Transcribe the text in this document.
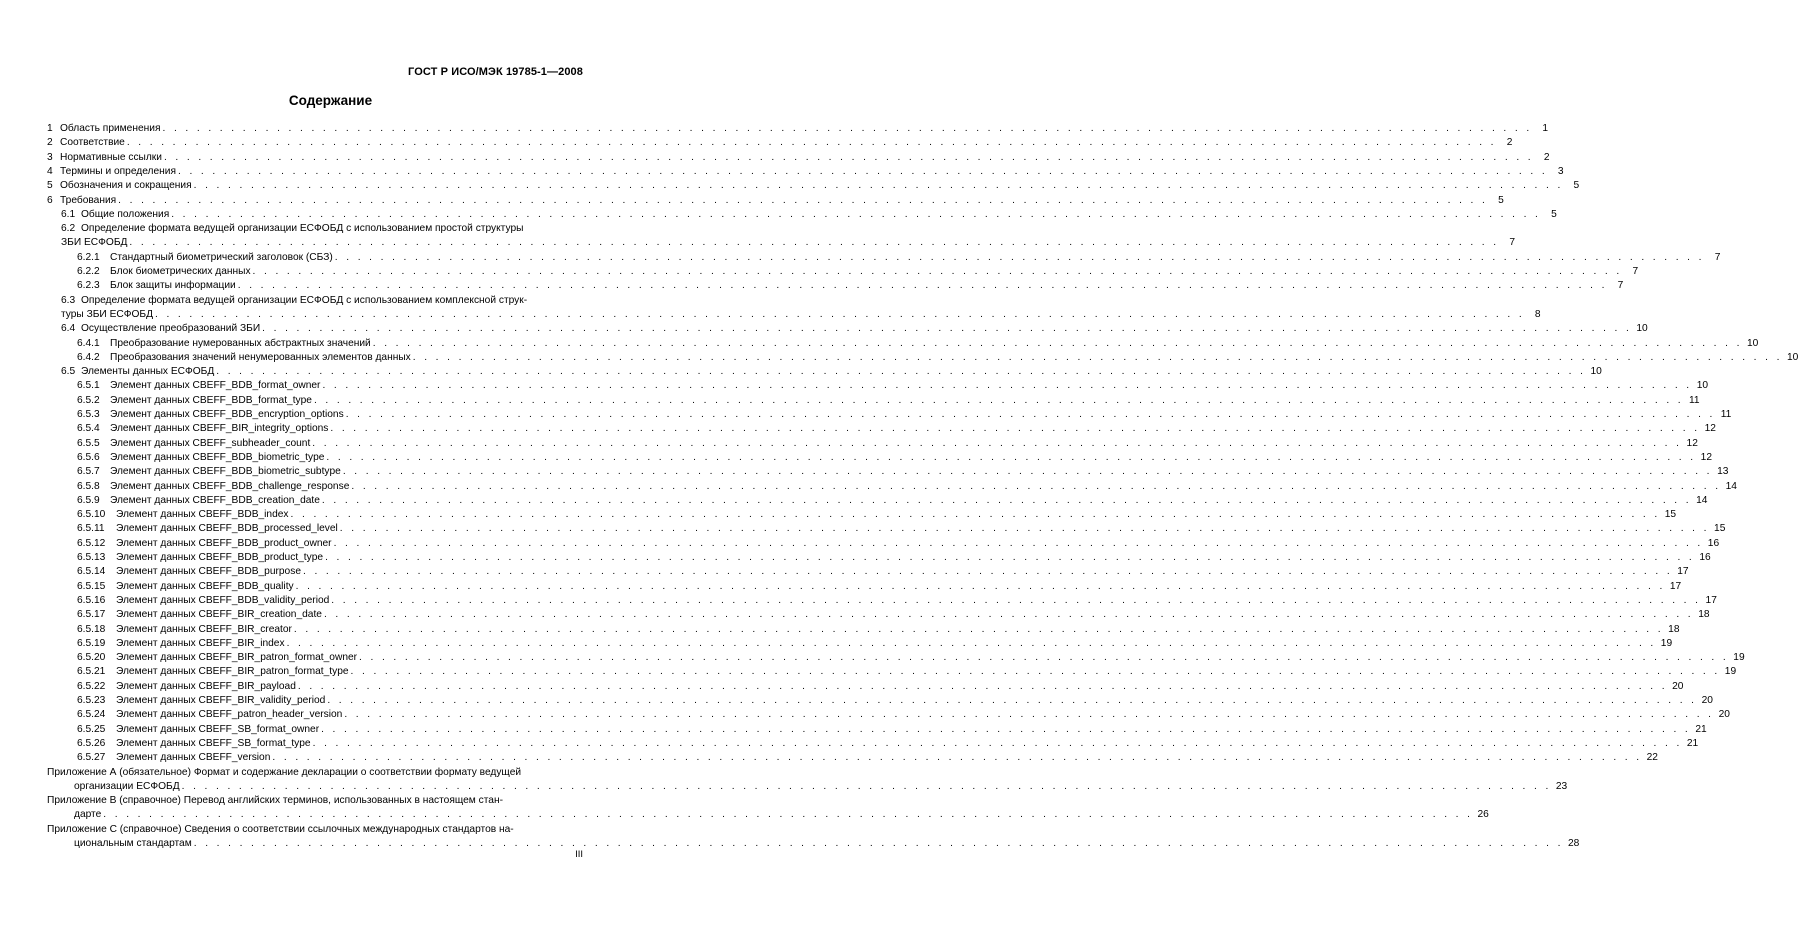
ГОСТ Р ИСО/МЭК 19785-1—2008
Содержание
1 Область применения . . . . . . . . . . . . . . . . . . . . . . . . . . . . . . . . . . . . . . . . . . . . . . . . . . . . . . . . . . . . . . . . . . . . . . . . . . . . . . . . . . . . . . . . . . . . . . . . . . . . . . . . . . . . . . . . . . . . . . . .	1
2 Соответствие . . . . . . . . . . . . . . . . . . . . . . . . . . . . . . . . . . . . . . . . . . . . . . . . . . . . . . . . . . . . . . . . . . . . . . . . . . . . . . . . . . . . . . . . . . . . . . . . . . . . . . . . . . . . . . . . . . . . . . . .	2
3 Нормативные ссылки . . . . . . . . . . . . . . . . . . . . . . . . . . . . . . . . . . . . . . . . . . . . . . . . . . . . . . . . . . . . . . . . . . . . . . . . . . . . . . . . . . . . . . . . . . . . . . . . . . . . . . . . . . . . . . . . . . . . . . . .	2
4 Термины и определения . . . . . . . . . . . . . . . . . . . . . . . . . . . . . . . . . . . . . . . . . . . . . . . . . . . . . . . . . . . . . . . . . . . . . . . . . . . . . . . . . . . . . . . . . . . . . . . . . . . . . . . . . . . . . . . . . . . . . . . .	3
5 Обозначения и сокращения . . . . . . . . . . . . . . . . . . . . . . . . . . . . . . . . . . . . . . . . . . . . . . . . . . . . . . . . . . . . . . . . . . . . . . . . . . . . . . . . . . . . . . . . . . . . . . . . . . . . . . . . . . . . . . . . . . . . . . . .	5
6 Требования . . . . . . . . . . . . . . . . . . . . . . . . . . . . . . . . . . . . . . . . . . . . . . . . . . . . . . . . . . . . . . . . . . . . . . . . . . . . . . . . . . . . . . . . . . . . . . . . . . . . . . . . . . . . . . . . . . . . . . . .	5
6.1 Общие положения . . . . . . . . . . . . . . . . . . . . . . . . . . . . . . . . . . . . . . . . . . . . . . . . . . . . . . . . . . . . . . . . . . . . . . . . . . . . . . . . . . . . . . . . . . . . . . . . . . . . . . . . . . . . . . . . . . . . . . . .	5
6.2 Определение формата ведущей организации ЕСФОБД с использованием простой структуры
ЗБИ ЕСФОБД . . . . . . . . . . . . . . . . . . . . . . . . . . . . . . . . . . . . . . . . . . . . . . . . . . . . . . . . . . . . . . . . . . . . . . . . . . . . . . . . . . . . . . . . . . . . . . . . . . . . . . . . . . . . . . . . . . . . . . . .	7
6.2.1 Стандартный биометрический заголовок (СБЗ) . . . . . . . . . . . . . . . . . . . . . . . . . . . . . . . . . . . . . . . . . . . . . . . . . . . . . . . . . . . . . . . . . . . . . . . . . . . . . . . . . . . . . . . . . . . . . . . . . . . . . . . . . . . . . . . . . . . . . . . .	7
6.2.2 Блок биометрических данных . . . . . . . . . . . . . . . . . . . . . . . . . . . . . . . . . . . . . . . . . . . . . . . . . . . . . . . . . . . . . . . . . . . . . . . . . . . . . . . . . . . . . . . . . . . . . . . . . . . . . . . . . . . . . . . . . . . . . . . .	7
6.2.3 Блок защиты информации . . . . . . . . . . . . . . . . . . . . . . . . . . . . . . . . . . . . . . . . . . . . . . . . . . . . . . . . . . . . . . . . . . . . . . . . . . . . . . . . . . . . . . . . . . . . . . . . . . . . . . . . . . . . . . . . . . . . . . . .	7
6.3 Определение формата ведущей организации ЕСФОБД с использованием комплексной струк-
туры ЗБИ ЕСФОБД . . . . . . . . . . . . . . . . . . . . . . . . . . . . . . . . . . . . . . . . . . . . . . . . . . . . . . . . . . . . . . . . . . . . . . . . . . . . . . . . . . . . . . . . . . . . . . . . . . . . . . . . . . . . . . . . . . . . . . . .	8
6.4 Осуществление преобразований ЗБИ . . . . . . . . . . . . . . . . . . . . . . . . . . . . . . . . . . . . . . . . . . . . . . . . . . . . . . . . . . . . . . . . . . . . . . . . . . . . . . . . . . . . . . . . . . . . . . . . . . . . . . . . . . . . . . . . . . . . . . . . 10
6.4.1 Преобразование нумерованных абстрактных значений . . . . . . . . . . . . . . . . . . . . . . . . . . . . . . . . . . . . . . . . . . . . . . . . . . . . . . . . . . . . . . . . . . . . . . . . . . . . . . . . . . . . . . . . . . . . . . . . . . . . . . . . . . . . . . . . . . . . . . . . 10
6.4.2 Преобразования значений ненумерованных элементов данных . . . . . . . . . . . . . . . . . . . . . . . . . . . . . . . . . . . . . . . . . . . . . . . . . . . . . . . . . . . . . . . . . . . . . . . . . . . . . . . . . . . . . . . . . . . . . . . . . . . . . . . . . . . . . . . . . . . . . . . . 10
6.5 Элементы данных ЕСФОБД . . . . . . . . . . . . . . . . . . . . . . . . . . . . . . . . . . . . . . . . . . . . . . . . . . . . . . . . . . . . . . . . . . . . . . . . . . . . . . . . . . . . . . . . . . . . . . . . . . . . . . . . . . . . . . . . . . . . . . . . 10
6.5.1 Элемент данных CBEFF_BDB_format_owner . . . . . . . . . . . . . . . . . . . . . . . . . . . . . . . . . . . . . . . . . . . . . . . . . . . . . . . . . . . . . . . . . . . . . . . . . . . . . . . . . . . . . . . . . . . . . . . . . . . . . . . . . . . . . . . . . . . . . . . . 10
6.5.2 Элемент данных CBEFF_BDB_format_type . . . . . . . . . . . . . . . . . . . . . . . . . . . . . . . . . . . . . . . . . . . . . . . . . . . . . . . . . . . . . . . . . . . . . . . . . . . . . . . . . . . . . . . . . . . . . . . . . . . . . . . . . . . . . . . . . . . . . . . . 11
6.5.3 Элемент данных CBEFF_BDB_encryption_options . . . . . . . . . . . . . . . . . . . . . . . . . . . . . . . . . . . . . . . . . . . . . . . . . . . . . . . . . . . . . . . . . . . . . . . . . . . . . . . . . . . . . . . . . . . . . . . . . . . . . . . . . . . . . . . . . . . . . . . . 11
6.5.4 Элемент данных CBEFF_BIR_integrity_options . . . . . . . . . . . . . . . . . . . . . . . . . . . . . . . . . . . . . . . . . . . . . . . . . . . . . . . . . . . . . . . . . . . . . . . . . . . . . . . . . . . . . . . . . . . . . . . . . . . . . . . . . . . . . . . . . . . . . . . . 12
6.5.5 Элемент данных CBEFF_subheader_count . . . . . . . . . . . . . . . . . . . . . . . . . . . . . . . . . . . . . . . . . . . . . . . . . . . . . . . . . . . . . . . . . . . . . . . . . . . . . . . . . . . . . . . . . . . . . . . . . . . . . . . . . . . . . . . . . . . . . . . . 12
6.5.6 Элемент данных CBEFF_BDB_biometric_type . . . . . . . . . . . . . . . . . . . . . . . . . . . . . . . . . . . . . . . . . . . . . . . . . . . . . . . . . . . . . . . . . . . . . . . . . . . . . . . . . . . . . . . . . . . . . . . . . . . . . . . . . . . . . . . . . . . . . . . . 12
6.5.7 Элемент данных CBEFF_BDB_biometric_subtype . . . . . . . . . . . . . . . . . . . . . . . . . . . . . . . . . . . . . . . . . . . . . . . . . . . . . . . . . . . . . . . . . . . . . . . . . . . . . . . . . . . . . . . . . . . . . . . . . . . . . . . . . . . . . . . . . . . . . . . . 13
6.5.8 Элемент данных CBEFF_BDB_challenge_response . . . . . . . . . . . . . . . . . . . . . . . . . . . . . . . . . . . . . . . . . . . . . . . . . . . . . . . . . . . . . . . . . . . . . . . . . . . . . . . . . . . . . . . . . . . . . . . . . . . . . . . . . . . . . . . . . . . . . . . . 14
6.5.9 Элемент данных CBEFF_BDB_creation_date . . . . . . . . . . . . . . . . . . . . . . . . . . . . . . . . . . . . . . . . . . . . . . . . . . . . . . . . . . . . . . . . . . . . . . . . . . . . . . . . . . . . . . . . . . . . . . . . . . . . . . . . . . . . . . . . . . . . . . . . 14
6.5.10 Элемент данных CBEFF_BDB_index . . . . . . . . . . . . . . . . . . . . . . . . . . . . . . . . . . . . . . . . . . . . . . . . . . . . . . . . . . . . . . . . . . . . . . . . . . . . . . . . . . . . . . . . . . . . . . . . . . . . . . . . . . . . . . . . . . . . . . . . 15
6.5.11 Элемент данных CBEFF_BDB_processed_level . . . . . . . . . . . . . . . . . . . . . . . . . . . . . . . . . . . . . . . . . . . . . . . . . . . . . . . . . . . . . . . . . . . . . . . . . . . . . . . . . . . . . . . . . . . . . . . . . . . . . . . . . . . . . . . . . . . . . . . . 15
6.5.12 Элемент данных CBEFF_BDB_product_owner . . . . . . . . . . . . . . . . . . . . . . . . . . . . . . . . . . . . . . . . . . . . . . . . . . . . . . . . . . . . . . . . . . . . . . . . . . . . . . . . . . . . . . . . . . . . . . . . . . . . . . . . . . . . . . . . . . . . . . . . 16
6.5.13 Элемент данных CBEFF_BDB_product_type . . . . . . . . . . . . . . . . . . . . . . . . . . . . . . . . . . . . . . . . . . . . . . . . . . . . . . . . . . . . . . . . . . . . . . . . . . . . . . . . . . . . . . . . . . . . . . . . . . . . . . . . . . . . . . . . . . . . . . . . 16
6.5.14 Элемент данных CBEFF_BDB_purpose . . . . . . . . . . . . . . . . . . . . . . . . . . . . . . . . . . . . . . . . . . . . . . . . . . . . . . . . . . . . . . . . . . . . . . . . . . . . . . . . . . . . . . . . . . . . . . . . . . . . . . . . . . . . . . . . . . . . . . . . 17
6.5.15 Элемент данных CBEFF_BDB_quality . . . . . . . . . . . . . . . . . . . . . . . . . . . . . . . . . . . . . . . . . . . . . . . . . . . . . . . . . . . . . . . . . . . . . . . . . . . . . . . . . . . . . . . . . . . . . . . . . . . . . . . . . . . . . . . . . . . . . . . . 17
6.5.16 Элемент данных CBEFF_BDB_validity_period . . . . . . . . . . . . . . . . . . . . . . . . . . . . . . . . . . . . . . . . . . . . . . . . . . . . . . . . . . . . . . . . . . . . . . . . . . . . . . . . . . . . . . . . . . . . . . . . . . . . . . . . . . . . . . . . . . . . . . . . 17
6.5.17 Элемент данных CBEFF_BIR_creation_date . . . . . . . . . . . . . . . . . . . . . . . . . . . . . . . . . . . . . . . . . . . . . . . . . . . . . . . . . . . . . . . . . . . . . . . . . . . . . . . . . . . . . . . . . . . . . . . . . . . . . . . . . . . . . . . . . . . . . . . . 18
6.5.18 Элемент данных CBEFF_BIR_creator . . . . . . . . . . . . . . . . . . . . . . . . . . . . . . . . . . . . . . . . . . . . . . . . . . . . . . . . . . . . . . . . . . . . . . . . . . . . . . . . . . . . . . . . . . . . . . . . . . . . . . . . . . . . . . . . . . . . . . . . 18
6.5.19 Элемент данных CBEFF_BIR_index . . . . . . . . . . . . . . . . . . . . . . . . . . . . . . . . . . . . . . . . . . . . . . . . . . . . . . . . . . . . . . . . . . . . . . . . . . . . . . . . . . . . . . . . . . . . . . . . . . . . . . . . . . . . . . . . . . . . . . . . 19
6.5.20 Элемент данных CBEFF_BIR_patron_format_owner . . . . . . . . . . . . . . . . . . . . . . . . . . . . . . . . . . . . . . . . . . . . . . . . . . . . . . . . . . . . . . . . . . . . . . . . . . . . . . . . . . . . . . . . . . . . . . . . . . . . . . . . . . . . . . . . . . . . . . . . 19
6.5.21 Элемент данных CBEFF_BIR_patron_format_type . . . . . . . . . . . . . . . . . . . . . . . . . . . . . . . . . . . . . . . . . . . . . . . . . . . . . . . . . . . . . . . . . . . . . . . . . . . . . . . . . . . . . . . . . . . . . . . . . . . . . . . . . . . . . . . . . . . . . . . . 19
6.5.22 Элемент данных CBEFF_BIR_payload . . . . . . . . . . . . . . . . . . . . . . . . . . . . . . . . . . . . . . . . . . . . . . . . . . . . . . . . . . . . . . . . . . . . . . . . . . . . . . . . . . . . . . . . . . . . . . . . . . . . . . . . . . . . . . . . . . . . . . . . 20
6.5.23 Элемент данных CBEFF_BIR_validity_period . . . . . . . . . . . . . . . . . . . . . . . . . . . . . . . . . . . . . . . . . . . . . . . . . . . . . . . . . . . . . . . . . . . . . . . . . . . . . . . . . . . . . . . . . . . . . . . . . . . . . . . . . . . . . . . . . . . . . . . . 20
6.5.24 Элемент данных CBEFF_patron_header_version . . . . . . . . . . . . . . . . . . . . . . . . . . . . . . . . . . . . . . . . . . . . . . . . . . . . . . . . . . . . . . . . . . . . . . . . . . . . . . . . . . . . . . . . . . . . . . . . . . . . . . . . . . . . . . . . . . . . . . . . 20
6.5.25 Элемент данных CBEFF_SB_format_owner . . . . . . . . . . . . . . . . . . . . . . . . . . . . . . . . . . . . . . . . . . . . . . . . . . . . . . . . . . . . . . . . . . . . . . . . . . . . . . . . . . . . . . . . . . . . . . . . . . . . . . . . . . . . . . . . . . . . . . . . 21
6.5.26 Элемент данных CBEFF_SB_format_type . . . . . . . . . . . . . . . . . . . . . . . . . . . . . . . . . . . . . . . . . . . . . . . . . . . . . . . . . . . . . . . . . . . . . . . . . . . . . . . . . . . . . . . . . . . . . . . . . . . . . . . . . . . . . . . . . . . . . . . . 21
6.5.27 Элемент данных CBEFF_version . . . . . . . . . . . . . . . . . . . . . . . . . . . . . . . . . . . . . . . . . . . . . . . . . . . . . . . . . . . . . . . . . . . . . . . . . . . . . . . . . . . . . . . . . . . . . . . . . . . . . . . . . . . . . . . . . . . . . . . . 22
Приложение А (обязательное) Формат и содержание декларации о соответствии формату ведущей
организации ЕСФОБД . . . . . . . . . . . . . . . . . . . . . . . . . . . . . . . . . . . . . . . . . . . . . . . . . . . . . . . . . . . . . . . . . . . . . . . . . . . . . . . . . . . . . . . . . . . . . . . . . . . . . . . . . . . . . . . . . . . . . . . . 23
Приложение В (справочное) Перевод английских терминов, использованных в настоящем стан-
дарте . . . . . . . . . . . . . . . . . . . . . . . . . . . . . . . . . . . . . . . . . . . . . . . . . . . . . . . . . . . . . . . . . . . . . . . . . . . . . . . . . . . . . . . . . . . . . . . . . . . . . . . . . . . . . . . . . . . . . . . . 26
Приложение С (справочное) Сведения о соответствии ссылочных международных стандартов на-
циональным стандартам . . . . . . . . . . . . . . . . . . . . . . . . . . . . . . . . . . . . . . . . . . . . . . . . . . . . . . . . . . . . . . . . . . . . . . . . . . . . . . . . . . . . . . . . . . . . . . . . . . . . . . . . . . . . . . . . . . . . . . . . 28
III
